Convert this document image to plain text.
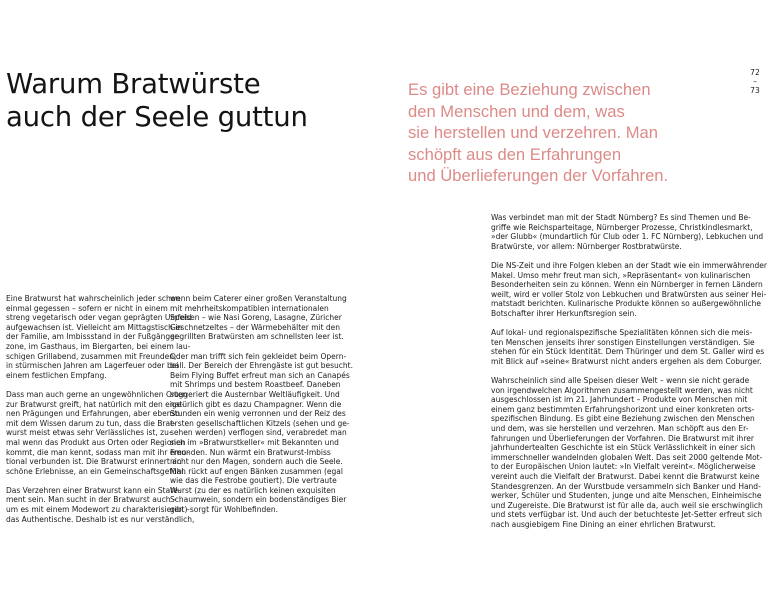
Warum Bratwürste
auch der Seele guttun
Es gibt eine Beziehung zwischen
den Menschen und dem, was
sie herstellen und verzehren. Man
schöpft aus den Erfahrungen
und Überlieferungen der Vorfahren.
72
–
73

Eine Bratwurst hat wahrscheinlich jeder schon
einmal gegessen – sofern er nicht in einem
streng vegetarisch oder vegan geprägten Umfeld
aufgewachsen ist. Vielleicht am Mittagstisch in
der Familie, am Imbissstand in der Fußgänger-
zone, im Gasthaus, im Biergarten, bei einem lau-
schigen Grillabend, zusammen mit Freunden,
in stürmischen Jahren am Lagerfeuer oder bei
einem festlichen Empfang.

Dass man auch gerne an ungewöhnlichen Orten
zur Bratwurst greift, hat natürlich mit den eige-
nen Prägungen und Erfahrungen, aber ebenso
mit dem Wissen darum zu tun, dass die Brat-
wurst meist etwas sehr Verlässliches ist, zu-
mal wenn das Produkt aus Orten oder Regionen
kommt, die man kennt, sodass man mit ihr emo-
tional verbunden ist. Die Bratwurst erinnert an
schöne Erlebnisse, an ein Gemeinschaftsgefühl.

Das Verzehren einer Bratwurst kann ein State-
ment sein. Man sucht in der Bratwurst auch –
um es mit einem Modewort zu charakterisieren –
das Authentische. Deshalb ist es nur verständlich,

wenn beim Caterer einer großen Veranstaltung
mit mehrheitskompatiblen internationalen
Speisen – wie Nasi Goreng, Lasagne, Züricher
Geschnetzeltes – der Wärmebehälter mit den
gegrillten Bratwürsten am schnellsten leer ist.

Oder man trifft sich fein gekleidet beim Opern-
ball. Der Bereich der Ehrengäste ist gut besucht.
Beim Flying Buffet erfreut man sich an Canapés
mit Shrimps und bestem Roastbeef. Daneben
suggeriert die Austernbar Weltläufigkeit. Und
natürlich gibt es dazu Champagner. Wenn die
Stunden ein wenig verronnen und der Reiz des
ersten gesellschaftlichen Kitzels (sehen und ge-
sehen werden) verflogen sind, verabredet man
sich im »Bratwurstkeller« mit Bekannten und
Freunden. Nun wärmt ein Bratwurst-Imbiss
nicht nur den Magen, sondern auch die Seele.
Man rückt auf engen Bänken zusammen (egal
wie das die Festrobe goutiert). Die vertraute
Wurst (zu der es natürlich keinen exquisiten
Schaumwein, sondern ein bodenständiges Bier
gibt) sorgt für Wohlbefinden.

Was verbindet man mit der Stadt Nürnberg? Es sind Themen und Be-
griffe wie Reichsparteitage, Nürnberger Prozesse, Christkindlesmarkt,
»der Glubb« (mundartlich für Club oder 1. FC Nürnberg), Lebkuchen und
Bratwürste, vor allem: Nürnberger Rostbratwürste.

Die NS-Zeit und ihre Folgen kleben an der Stadt wie ein immerwährender
Makel. Umso mehr freut man sich, »Repräsentant« von kulinarischen
Besonderheiten sein zu können. Wenn ein Nürnberger in fernen Ländern
weilt, wird er voller Stolz von Lebkuchen und Bratwürsten aus seiner Hei-
matstadt berichten. Kulinarische Produkte können so außergewöhnliche
Botschafter ihrer Herkunftsregion sein.

Auf lokal- und regionalspezifische Spezialitäten können sich die meis-
ten Menschen jenseits ihrer sonstigen Einstellungen verständigen. Sie
stehen für ein Stück Identität. Dem Thüringer und dem St. Galler wird es
mit Blick auf »seine« Bratwurst nicht anders ergehen als dem Coburger.

Wahrscheinlich sind alle Speisen dieser Welt – wenn sie nicht gerade
von irgendwelchen Algorithmen zusammengestellt werden, was nicht
ausgeschlossen ist im 21. Jahrhundert – Produkte von Menschen mit
einem ganz bestimmten Erfahrungshorizont und einer konkreten orts-
spezifischen Bindung. Es gibt eine Beziehung zwischen den Menschen
und dem, was sie herstellen und verzehren. Man schöpft aus den Er-
fahrungen und Überlieferungen der Vorfahren. Die Bratwurst mit ihrer
jahrhundertealten Geschichte ist ein Stück Verlässlichkeit in einer sich
immerschneller wandelnden globalen Welt. Das seit 2000 geltende Mot-
to der Europäischen Union lautet: »In Vielfalt vereint«. Möglicherweise
vereint auch die Vielfalt der Bratwurst. Dabei kennt die Bratwurst keine
Standesgrenzen. An der Wurstbude versammeln sich Banker und Hand-
werker, Schüler und Studenten, junge und alte Menschen, Einheimische
und Zugereiste. Die Bratwurst ist für alle da, auch weil sie erschwinglich
und stets verfügbar ist. Und auch der betuchteste Jet-Setter erfreut sich
nach ausgiebigem Fine Dining an einer ehrlichen Bratwurst.
